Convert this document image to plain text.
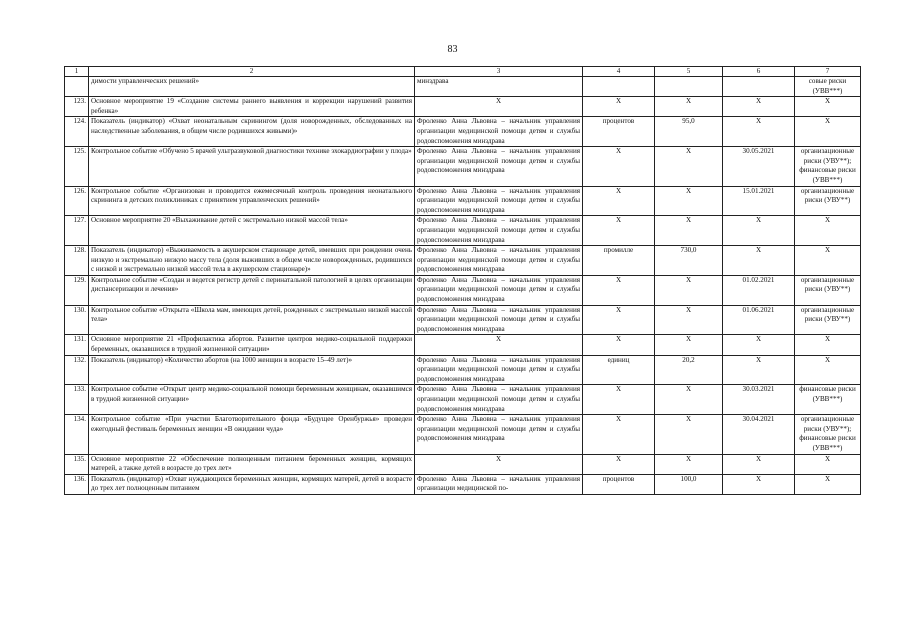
83
1	2	3	4	5	6	7
	димости управленческих решений»	минздрава				совые риски (УВВ***)
123.	Основное мероприятие 19 «Создание системы раннего выявления и коррекции нарушений развития ребенка»	X	X	X	X	X
124.	Показатель (индикатор) «Охват неонатальным скринингом (доля новорожденных, обследованных на наследственные заболевания, в общем числе родившихся живыми)»	Фроленко Анна Львовна – начальник управления организации медицинской помощи детям и службы родовспоможения минздрава	процентов	95,0	X	X
125.	Контрольное событие «Обучено 5 врачей ультразвуковой диагностики технике эхокардиографии у плода»	Фроленко Анна Львовна – начальник управления организации медицинской помощи детям и службы родовспоможения минздрава	X	X	30.05.2021	организационные риски (УВУ**); финансовые риски (УВВ***)
126.	Контрольное событие «Организован и проводится ежемесячный контроль проведения неонатального скрининга в детских поликлиниках с принятием управленческих решений»	Фроленко Анна Львовна – начальник управления организации медицинской помощи детям и службы родовспоможения минздрава	X	X	15.01.2021	организационные риски (УВУ**)
127.	Основное мероприятие 20 «Выхаживание детей с экстремально низкой массой тела»	Фроленко Анна Львовна – начальник управления организации медицинской помощи детям и службы родовспоможения минздрава	X	X	X	X
128.	Показатель (индикатор) «Выживаемость в акушерском стационаре детей, имевших при рождении очень низкую и экстремально низкую массу тела (доля выживших в общем числе новорожденных, родившихся с низкой и экстремально низкой массой тела в акушерском стационаре)»	Фроленко Анна Львовна – начальник управления организации медицинской помощи детям и службы родовспоможения минздрава	промилле	730,0	X	X
129.	Контрольное событие «Создан и ведется регистр детей с перинатальной патологией в целях организации диспансеризации и лечения»	Фроленко Анна Львовна – начальник управления организации медицинской помощи детям и службы родовспоможения минздрава	X	X	01.02.2021	организационные риски (УВУ**)
130.	Контрольное событие «Открыта «Школа мам, имеющих детей, рожденных с экстремально низкой массой тела»	Фроленко Анна Львовна – начальник управления организации медицинской помощи детям и службы родовспоможения минздрава	X	X	01.06.2021	организационные риски (УВУ**)
131.	Основное мероприятие 21 «Профилактика абортов. Развитие центров медико-социальной поддержки беременных, оказавшихся в трудной жизненной ситуации»	X	X	X	X	X
132.	Показатель (индикатор) «Количество абортов (на 1000 женщин в возрасте 15–49 лет)»	Фроленко Анна Львовна – начальник управления организации медицинской помощи детям и службы родовспоможения минздрава	единиц	20,2	X	X
133.	Контрольное событие «Открыт центр медико-социальной помощи беременным женщинам, оказавшимся в трудной жизненной ситуации»	Фроленко Анна Львовна – начальник управления организации медицинской помощи детям и службы родовспоможения минздрава	X	X	30.03.2021	финансовые риски (УВВ***)
134.	Контрольное событие «При участии Благотворительного фонда «Будущее Оренбуржья» проведен ежегодный фестиваль беременных женщин «В ожидании чуда»	Фроленко Анна Львовна – начальник управления организации медицинской помощи детям и службы родовспоможения минздрава	X	X	30.04.2021	организационные риски (УВУ**); финансовые риски (УВВ***)
135.	Основное мероприятие 22 «Обеспечение полноценным питанием беременных женщин, кормящих матерей, а также детей в возрасте до трех лет»	X	X	X	X	X
136.	Показатель (индикатор) «Охват нуждающихся беременных женщин, кормящих матерей, детей в возрасте до трех лет полноценным питанием	Фроленко Анна Львовна – начальник управления организации медицинской по-	процентов	100,0	X	X
